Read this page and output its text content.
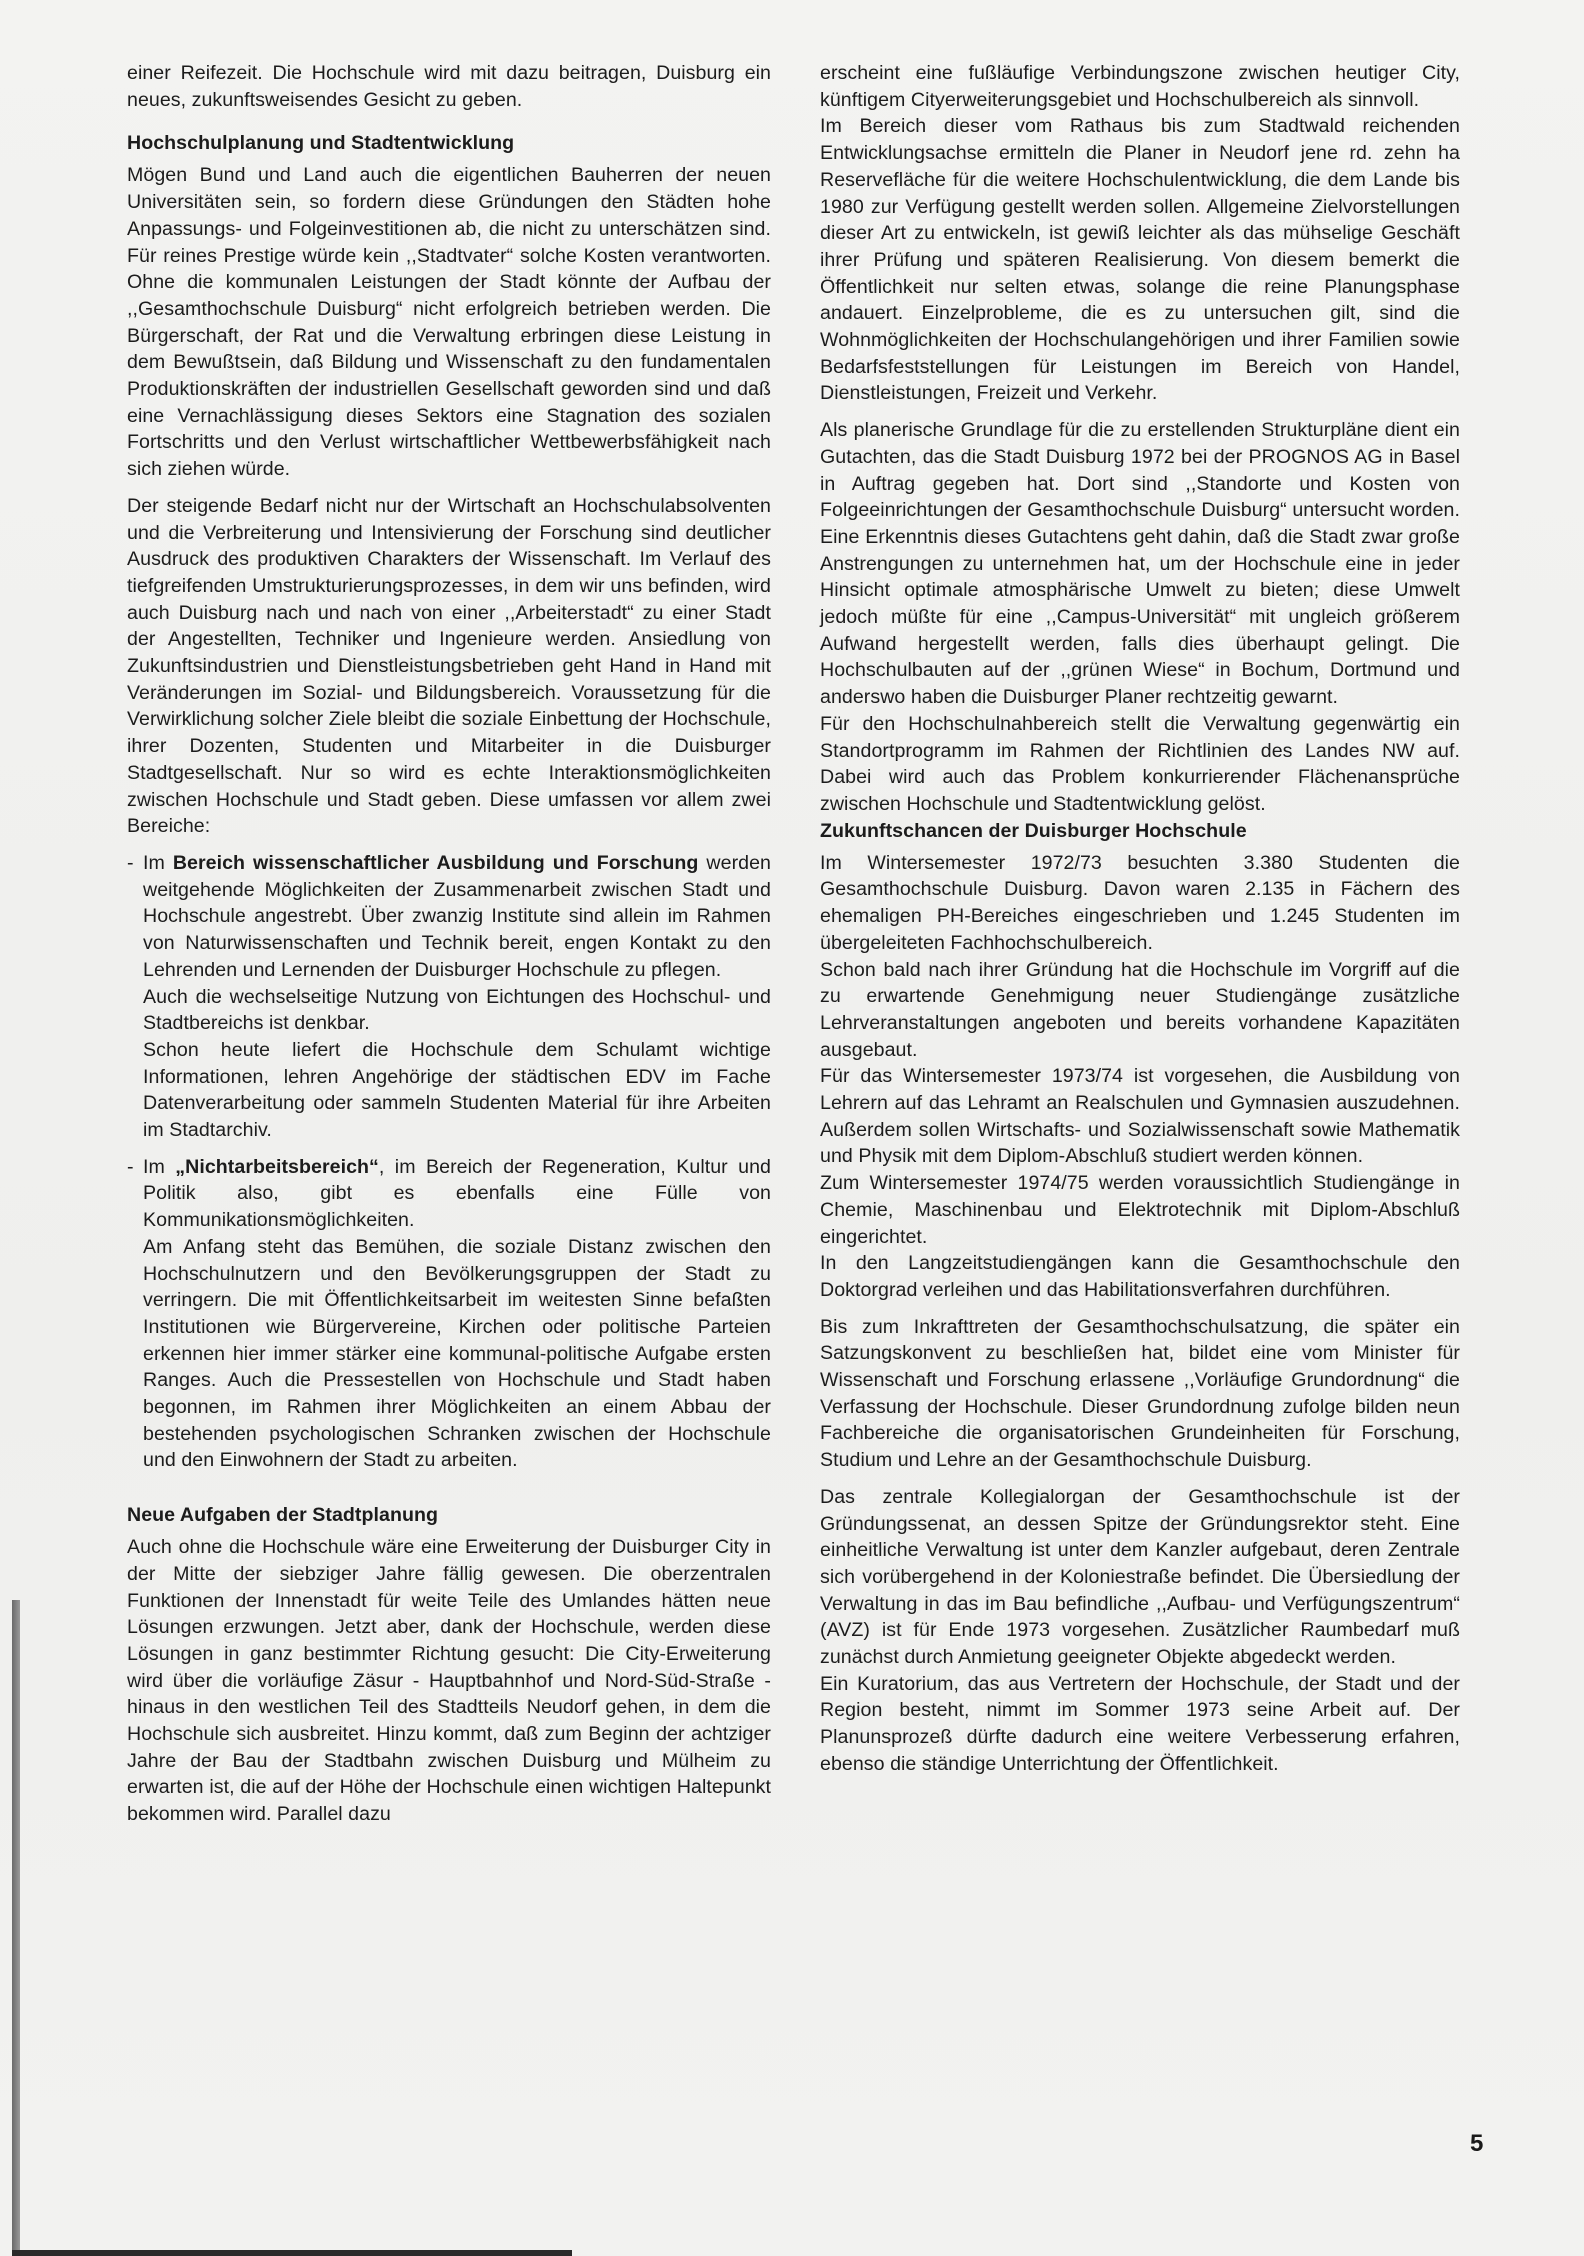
einer Reifezeit. Die Hochschule wird mit dazu beitragen, Duisburg ein neues, zukunftsweisendes Gesicht zu geben.

Hochschulplanung und Stadtentwicklung

Mögen Bund und Land auch die eigentlichen Bauherren der neuen Universitäten sein, so fordern diese Gründungen den Städten hohe Anpassungs- und Folgeinvestitionen ab, die nicht zu unterschätzen sind. Für reines Prestige würde kein ,,Stadtvater“ solche Kosten verantworten. Ohne die kommunalen Leistungen der Stadt könnte der Aufbau der ,,Gesamthochschule Duisburg“ nicht erfolgreich betrieben werden. Die Bürgerschaft, der Rat und die Verwaltung erbringen diese Leistung in dem Bewußtsein, daß Bildung und Wissenschaft zu den fundamentalen Produktionskräften der industriellen Gesellschaft geworden sind und daß eine Vernachlässigung dieses Sektors eine Stagnation des sozialen Fortschritts und den Verlust wirtschaftlicher Wettbewerbsfähigkeit nach sich ziehen würde.

Der steigende Bedarf nicht nur der Wirtschaft an Hochschulabsolventen und die Verbreiterung und Intensivierung der Forschung sind deutlicher Ausdruck des produktiven Charakters der Wissenschaft. Im Verlauf des tiefgreifenden Umstrukturierungsprozesses, in dem wir uns befinden, wird auch Duisburg nach und nach von einer ,,Arbeiterstadt“ zu einer Stadt der Angestellten, Techniker und Ingenieure werden. Ansiedlung von Zukunftsindustrien und Dienstleistungsbetrieben geht Hand in Hand mit Veränderungen im Sozial- und Bildungsbereich. Voraussetzung für die Verwirklichung solcher Ziele bleibt die soziale Einbettung der Hochschule, ihrer Dozenten, Studenten und Mitarbeiter in die Duisburger Stadtgesellschaft. Nur so wird es echte Interaktionsmöglichkeiten zwischen Hochschule und Stadt geben. Diese umfassen vor allem zwei Bereiche:

- Im Bereich wissenschaftlicher Ausbildung und Forschung werden weitgehende Möglichkeiten der Zusammenarbeit zwischen Stadt und Hochschule angestrebt. Über zwanzig Institute sind allein im Rahmen von Naturwissenschaften und Technik bereit, engen Kontakt zu den Lehrenden und Lernenden der Duisburger Hochschule zu pflegen.

Auch die wechselseitige Nutzung von Eichtungen des Hochschul- und Stadtbereichs ist denkbar.

Schon heute liefert die Hochschule dem Schulamt wichtige Informationen, lehren Angehörige der städtischen EDV im Fache Datenverarbeitung oder sammeln Studenten Material für ihre Arbeiten im Stadtarchiv.

- Im „Nichtarbeitsbereich“, im Bereich der Regeneration, Kultur und Politik also, gibt es ebenfalls eine Fülle von Kommunikationsmöglichkeiten.

Am Anfang steht das Bemühen, die soziale Distanz zwischen den Hochschulnutzern und den Bevölkerungsgruppen der Stadt zu verringern. Die mit Öffentlichkeitsarbeit im weitesten Sinne befaßten Institutionen wie Bürgervereine, Kirchen oder politische Parteien erkennen hier immer stärker eine kommunal-politische Aufgabe ersten Ranges. Auch die Pressestellen von Hochschule und Stadt haben begonnen, im Rahmen ihrer Möglichkeiten an einem Abbau der bestehenden psychologischen Schranken zwischen der Hochschule und den Einwohnern der Stadt zu arbeiten.

Neue Aufgaben der Stadtplanung

Auch ohne die Hochschule wäre eine Erweiterung der Duisburger City in der Mitte der siebziger Jahre fällig gewesen. Die oberzentralen Funktionen der Innenstadt für weite Teile des Umlandes hätten neue Lösungen erzwungen. Jetzt aber, dank der Hochschule, werden diese Lösungen in ganz bestimmter Richtung gesucht: Die City-Erweiterung wird über die vorläufige Zäsur - Hauptbahnhof und Nord-Süd-Straße - hinaus in den westlichen Teil des Stadtteils Neudorf gehen, in dem die Hochschule sich ausbreitet. Hinzu kommt, daß zum Beginn der achtziger Jahre der Bau der Stadtbahn zwischen Duisburg und Mülheim zu erwarten ist, die auf der Höhe der Hochschule einen wichtigen Haltepunkt bekommen wird. Parallel dazu

erscheint eine fußläufige Verbindungszone zwischen heutiger City, künftigem Cityerweiterungsgebiet und Hochschulbereich als sinnvoll.

Im Bereich dieser vom Rathaus bis zum Stadtwald reichenden Entwicklungsachse ermitteln die Planer in Neudorf jene rd. zehn ha Reservefläche für die weitere Hochschulentwicklung, die dem Lande bis 1980 zur Verfügung gestellt werden sollen. Allgemeine Zielvorstellungen dieser Art zu entwickeln, ist gewiß leichter als das mühselige Geschäft ihrer Prüfung und späteren Realisierung. Von diesem bemerkt die Öffentlichkeit nur selten etwas, solange die reine Planungsphase andauert. Einzelprobleme, die es zu untersuchen gilt, sind die Wohnmöglichkeiten der Hochschulangehörigen und ihrer Familien sowie Bedarfsfeststellungen für Leistungen im Bereich von Handel, Dienstleistungen, Freizeit und Verkehr.

Als planerische Grundlage für die zu erstellenden Strukturpläne dient ein Gutachten, das die Stadt Duisburg 1972 bei der PROGNOS AG in Basel in Auftrag gegeben hat. Dort sind ,,Standorte und Kosten von Folgeeinrichtungen der Gesamthochschule Duisburg“ untersucht worden. Eine Erkenntnis dieses Gutachtens geht dahin, daß die Stadt zwar große Anstrengungen zu unternehmen hat, um der Hochschule eine in jeder Hinsicht optimale atmosphärische Umwelt zu bieten; diese Umwelt jedoch müßte für eine ,,Campus-Universität“ mit ungleich größerem Aufwand hergestellt werden, falls dies überhaupt gelingt. Die Hochschulbauten auf der ,,grünen Wiese“ in Bochum, Dortmund und anderswo haben die Duisburger Planer rechtzeitig gewarnt.

Für den Hochschulnahbereich stellt die Verwaltung gegenwärtig ein Standortprogramm im Rahmen der Richtlinien des Landes NW auf. Dabei wird auch das Problem konkurrierender Flächenansprüche zwischen Hochschule und Stadtentwicklung gelöst.

Zukunftschancen der Duisburger Hochschule

Im Wintersemester 1972/73 besuchten 3.380 Studenten die Gesamthochschule Duisburg. Davon waren 2.135 in Fächern des ehemaligen PH-Bereiches eingeschrieben und 1.245 Studenten im übergeleiteten Fachhochschulbereich.

Schon bald nach ihrer Gründung hat die Hochschule im Vorgriff auf die zu erwartende Genehmigung neuer Studiengänge zusätzliche Lehrveranstaltungen angeboten und bereits vorhandene Kapazitäten ausgebaut.

Für das Wintersemester 1973/74 ist vorgesehen, die Ausbildung von Lehrern auf das Lehramt an Realschulen und Gymnasien auszudehnen. Außerdem sollen Wirtschafts- und Sozialwissenschaft sowie Mathematik und Physik mit dem Diplom-Abschluß studiert werden können.

Zum Wintersemester 1974/75 werden voraussichtlich Studiengänge in Chemie, Maschinenbau und Elektrotechnik mit Diplom-Abschluß eingerichtet.

In den Langzeitstudiengängen kann die Gesamthochschule den Doktorgrad verleihen und das Habilitationsverfahren durchführen.

Bis zum Inkrafttreten der Gesamthochschulsatzung, die später ein Satzungskonvent zu beschließen hat, bildet eine vom Minister für Wissenschaft und Forschung erlassene ,,Vorläufige Grundordnung“ die Verfassung der Hochschule. Dieser Grundordnung zufolge bilden neun Fachbereiche die organisatorischen Grundeinheiten für Forschung, Studium und Lehre an der Gesamthochschule Duisburg.

Das zentrale Kollegialorgan der Gesamthochschule ist der Gründungssenat, an dessen Spitze der Gründungsrektor steht. Eine einheitliche Verwaltung ist unter dem Kanzler aufgebaut, deren Zentrale sich vorübergehend in der Koloniestraße befindet. Die Übersiedlung der Verwaltung in das im Bau befindliche ,,Aufbau- und Verfügungszentrum“ (AVZ) ist für Ende 1973 vorgesehen. Zusätzlicher Raumbedarf muß zunächst durch Anmietung geeigneter Objekte abgedeckt werden.

Ein Kuratorium, das aus Vertretern der Hochschule, der Stadt und der Region besteht, nimmt im Sommer 1973 seine Arbeit auf. Der Planunsprozeß dürfte dadurch eine weitere Verbesserung erfahren, ebenso die ständige Unterrichtung der Öffentlichkeit.

5
